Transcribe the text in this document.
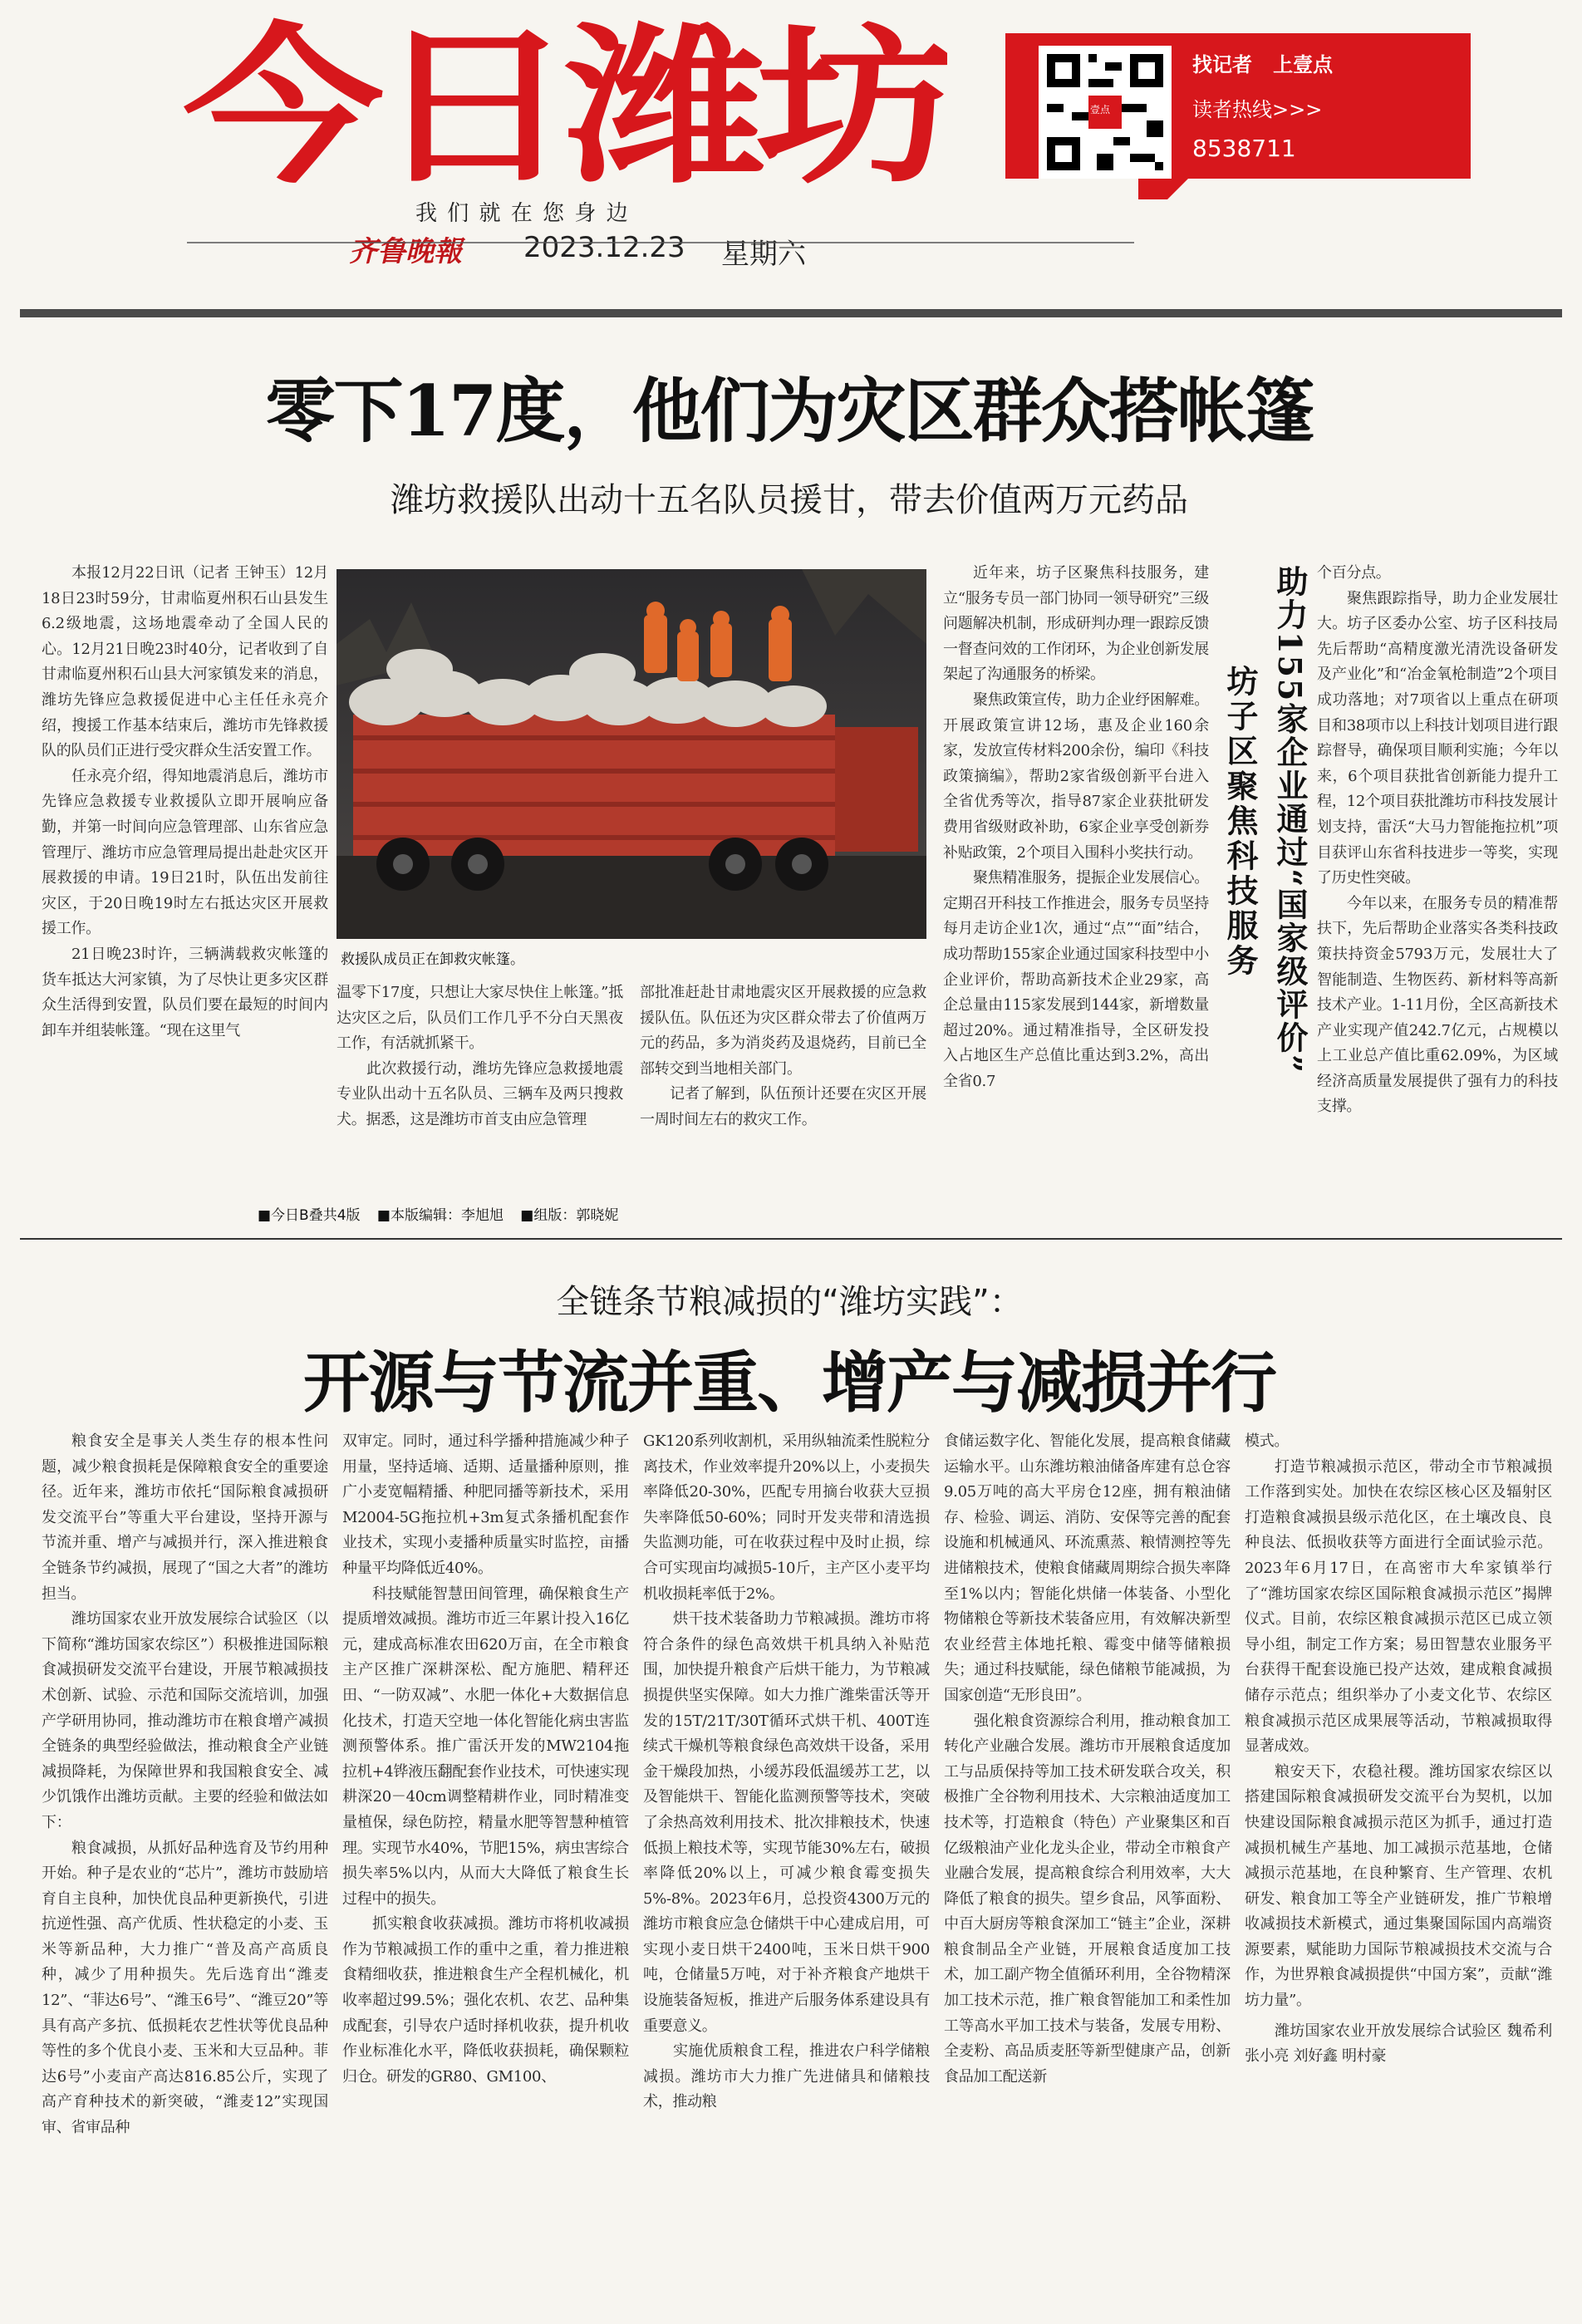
今日潍坊
我 们 就 在 您 身 边
齐鲁晚報 2023.12.23 星期六
壹点
找记者 上壹点
读者热线>>>
8538711
零下17度，他们为灾区群众搭帐篷
潍坊救援队出动十五名队员援甘，带去价值两万元药品

本报12月22日讯（记者 王钟玉）12月18日23时59分，甘肃临夏州积石山县发生6.2级地震，这场地震牵动了全国人民的心。12月21日晚23时40分，记者收到了自甘肃临夏州积石山县大河家镇发来的消息，潍坊先锋应急救援促进中心主任任永亮介绍，搜援工作基本结束后，潍坊市先锋救援队的队员们正进行受灾群众生活安置工作。

任永亮介绍，得知地震消息后，潍坊市先锋应急救援专业救援队立即开展响应备勤，并第一时间向应急管理部、山东省应急管理厅、潍坊市应急管理局提出赴赴灾区开展救援的申请。19日21时，队伍出发前往灾区，于20日晚19时左右抵达灾区开展救援工作。

21日晚23时许，三辆满载救灾帐篷的货车抵达大河家镇，为了尽快让更多灾区群众生活得到安置，队员们要在最短的时间内卸车并组装帐篷。“现在这里气

救援队成员正在卸救灾帐篷。

温零下17度，只想让大家尽快住上帐篷。”抵达灾区之后，队员们工作几乎不分白天黑夜工作，有活就抓紧干。

此次救援行动，潍坊先锋应急救援地震专业队出动十五名队员、三辆车及两只搜救犬。据悉，这是潍坊市首支由应急管理

部批准赶赴甘肃地震灾区开展救援的应急救援队伍。队伍还为灾区群众带去了价值两万元的药品，多为消炎药及退烧药，目前已全部转交到当地相关部门。

记者了解到，队伍预计还要在灾区开展一周时间左右的救灾工作。

近年来，坊子区聚焦科技服务，建立“服务专员一部门协同一领导研究”三级问题解决机制，形成研判办理一跟踪反馈一督查问效的工作闭环，为企业创新发展架起了沟通服务的桥梁。

聚焦政策宣传，助力企业纾困解难。开展政策宣讲12场，惠及企业160余家，发放宣传材料200余份，编印《科技政策摘编》，帮助2家省级创新平台进入全省优秀等次，指导87家企业获批研发费用省级财政补助，6家企业享受创新券补贴政策，2个项目入围科小奖扶行动。

聚焦精准服务，提振企业发展信心。定期召开科技工作推进会，服务专员坚持每月走访企业1次，通过“点”“面”结合，成功帮助155家企业通过国家科技型中小企业评价，帮助高新技术企业29家，高企总量由115家发展到144家，新增数量超过20%。通过精准指导，全区研发投入占地区生产总值比重达到3.2%，高出全省0.7

助力155家企业通过“国家级评价”
坊子区聚焦科技服务

个百分点。

聚焦跟踪指导，助力企业发展壮大。坊子区委办公室、坊子区科技局先后帮助“高精度激光清洗设备研发及产业化”和“冶金氧枪制造”2个项目成功落地；对7项省以上重点在研项目和38项市以上科技计划项目进行跟踪督导，确保项目顺利实施；今年以来，6个项目获批省创新能力提升工程，12个项目获批潍坊市科技发展计划支持，雷沃“大马力智能拖拉机”项目获评山东省科技进步一等奖，实现了历史性突破。

今年以来，在服务专员的精准帮扶下，先后帮助企业落实各类科技政策扶持资金5793万元，发展壮大了智能制造、生物医药、新材料等高新技术产业。1-11月份，全区高新技术产业实现产值242.7亿元，占规模以上工业总产值比重62.09%，为区域经济高质量发展提供了强有力的科技支撑。

■今日B叠共4版 ■本版编辑：李旭旭 ■组版：郭晓妮
全链条节粮减损的“潍坊实践”：
开源与节流并重、增产与减损并行

粮食安全是事关人类生存的根本性问题，减少粮食损耗是保障粮食安全的重要途径。近年来，潍坊市依托“国际粮食减损研发交流平台”等重大平台建设，坚持开源与节流并重、增产与减损并行，深入推进粮食全链条节约减损，展现了“国之大者”的潍坊担当。

潍坊国家农业开放发展综合试验区（以下简称“潍坊国家农综区”）积极推进国际粮食减损研发交流平台建设，开展节粮减损技术创新、试验、示范和国际交流培训，加强产学研用协同，推动潍坊市在粮食增产减损全链条的典型经验做法，推动粮食全产业链减损降耗，为保障世界和我国粮食安全、减少饥饿作出潍坊贡献。主要的经验和做法如下：

粮食减损，从抓好品种选育及节约用种开始。种子是农业的“芯片”，潍坊市鼓励培育自主良种，加快优良品种更新换代，引进抗逆性强、高产优质、性状稳定的小麦、玉米等新品种，大力推广“普及高产高质良种，减少了用种损失。先后选育出“潍麦12”、“菲达6号”、“潍玉6号”、“潍豆20”等具有高产多抗、低损耗农艺性状等优良品种等性的多个优良小麦、玉米和大豆品种。菲达6号”小麦亩产高达816.85公斤，实现了高产育种技术的新突破，“潍麦12”实现国审、省审品种

双审定。同时，通过科学播种措施减少种子用量，坚持适墒、适期、适量播种原则，推广小麦宽幅精播、种肥同播等新技术，采用M2004-5G拖拉机+3m复式条播机配套作业技术，实现小麦播种质量实时监控，亩播种量平均降低近40%。

科技赋能智慧田间管理，确保粮食生产提质增效减损。潍坊市近三年累计投入16亿元，建成高标准农田620万亩，在全市粮食主产区推广深耕深松、配方施肥、精秤还田、“一防双减”、水肥一体化+大数据信息化技术，打造天空地一体化智能化病虫害监测预警体系。推广雷沃开发的MW2104拖拉机+4铧液压翻配套作业技术，可快速实现耕深20－40cm调整精耕作业，同时精准变量植保，绿色防控，精量水肥等智慧种植管理。实现节水40%，节肥15%，病虫害综合损失率5%以内，从而大大降低了粮食生长过程中的损失。

抓实粮食收获减损。潍坊市将机收减损作为节粮减损工作的重中之重，着力推进粮食精细收获，推进粮食生产全程机械化，机收率超过99.5%；强化农机、农艺、品种集成配套，引导农户适时择机收获，提升机收作业标准化水平，降低收获损耗，确保颗粒归仓。研发的GR80、GM100、

GK120系列收割机，采用纵轴流柔性脱粒分离技术，作业效率提升20%以上，小麦损失率降低20-30%，匹配专用摘台收获大豆损失率降低50-60%；同时开发夹带和清选损失监测功能，可在收获过程中及时止损，综合可实现亩均减损5-10斤，主产区小麦平均机收损耗率低于2%。

烘干技术装备助力节粮减损。潍坊市将符合条件的绿色高效烘干机具纳入补贴范围，加快提升粮食产后烘干能力，为节粮减损提供坚实保障。如大力推广潍柴雷沃等开发的15T/21T/30T循环式烘干机、400T连续式干燥机等粮食绿色高效烘干设备，采用金干燥段加热，小缓苏段低温缓苏工艺，以及智能烘干、智能化监测预警等技术，突破了余热高效利用技术、批次排粮技术，快速低损上粮技术等，实现节能30%左右，破损率降低20%以上，可减少粮食霉变损失5%-8%。2023年6月，总投资4300万元的潍坊市粮食应急仓储烘干中心建成启用，可实现小麦日烘干2400吨，玉米日烘干900吨，仓储量5万吨，对于补齐粮食产地烘干设施装备短板，推进产后服务体系建设具有重要意义。

实施优质粮食工程，推进农户科学储粮减损。潍坊市大力推广先进储具和储粮技术，推动粮

食储运数字化、智能化发展，提高粮食储藏运输水平。山东潍坊粮油储备库建有总仓容9.05万吨的高大平房仓12座，拥有粮油储存、检验、调运、消防、安保等完善的配套设施和机械通风、环流熏蒸、粮情测控等先进储粮技术，使粮食储藏周期综合损失率降至1%以内；智能化烘储一体装备、小型化物储粮仓等新技术装备应用，有效解决新型农业经营主体地托粮、霉变中储等储粮损失；通过科技赋能，绿色储粮节能减损，为国家创造“无形良田”。

强化粮食资源综合利用，推动粮食加工转化产业融合发展。潍坊市开展粮食适度加工与品质保持等加工技术研发联合攻关，积极推广全谷物利用技术、大宗粮油适度加工技术等，打造粮食（特色）产业聚集区和百亿级粮油产业化龙头企业，带动全市粮食产业融合发展，提高粮食综合利用效率，大大降低了粮食的损失。望乡食品，风筝面粉、中百大厨房等粮食深加工“链主”企业，深耕粮食制品全产业链，开展粮食适度加工技术，加工副产物全值循环利用，全谷物精深加工技术示范，推广粮食智能加工和柔性加工等高水平加工技术与装备，发展专用粉、全麦粉、高品质麦胚等新型健康产品，创新食品加工配送新

模式。

打造节粮减损示范区，带动全市节粮减损工作落到实处。加快在农综区核心区及辐射区打造粮食减损县级示范化区，在土壤改良、良种良法、低损收获等方面进行全面试验示范。2023年6月17日，在高密市大牟家镇举行了“潍坊国家农综区国际粮食减损示范区”揭牌仪式。目前，农综区粮食减损示范区已成立领导小组，制定工作方案；易田智慧农业服务平台获得干配套设施已投产达效，建成粮食减损储存示范点；组织举办了小麦文化节、农综区粮食减损示范区成果展等活动，节粮减损取得显著成效。

粮安天下，农稳社稷。潍坊国家农综区以搭建国际粮食减损研发交流平台为契机，以加快建设国际粮食减损示范区为抓手，通过打造减损机械生产基地、加工减损示范基地，仓储减损示范基地，在良种繁育、生产管理、农机研发、粮食加工等全产业链研发，推广节粮增收减损技术新模式，通过集聚国际国内高端资源要素，赋能助力国际节粮减损技术交流与合作，为世界粮食减损提供“中国方案”，贡献“潍坊力量”。

潍坊国家农业开放发展综合试验区 魏希利 张小亮 刘好鑫 明村豪
